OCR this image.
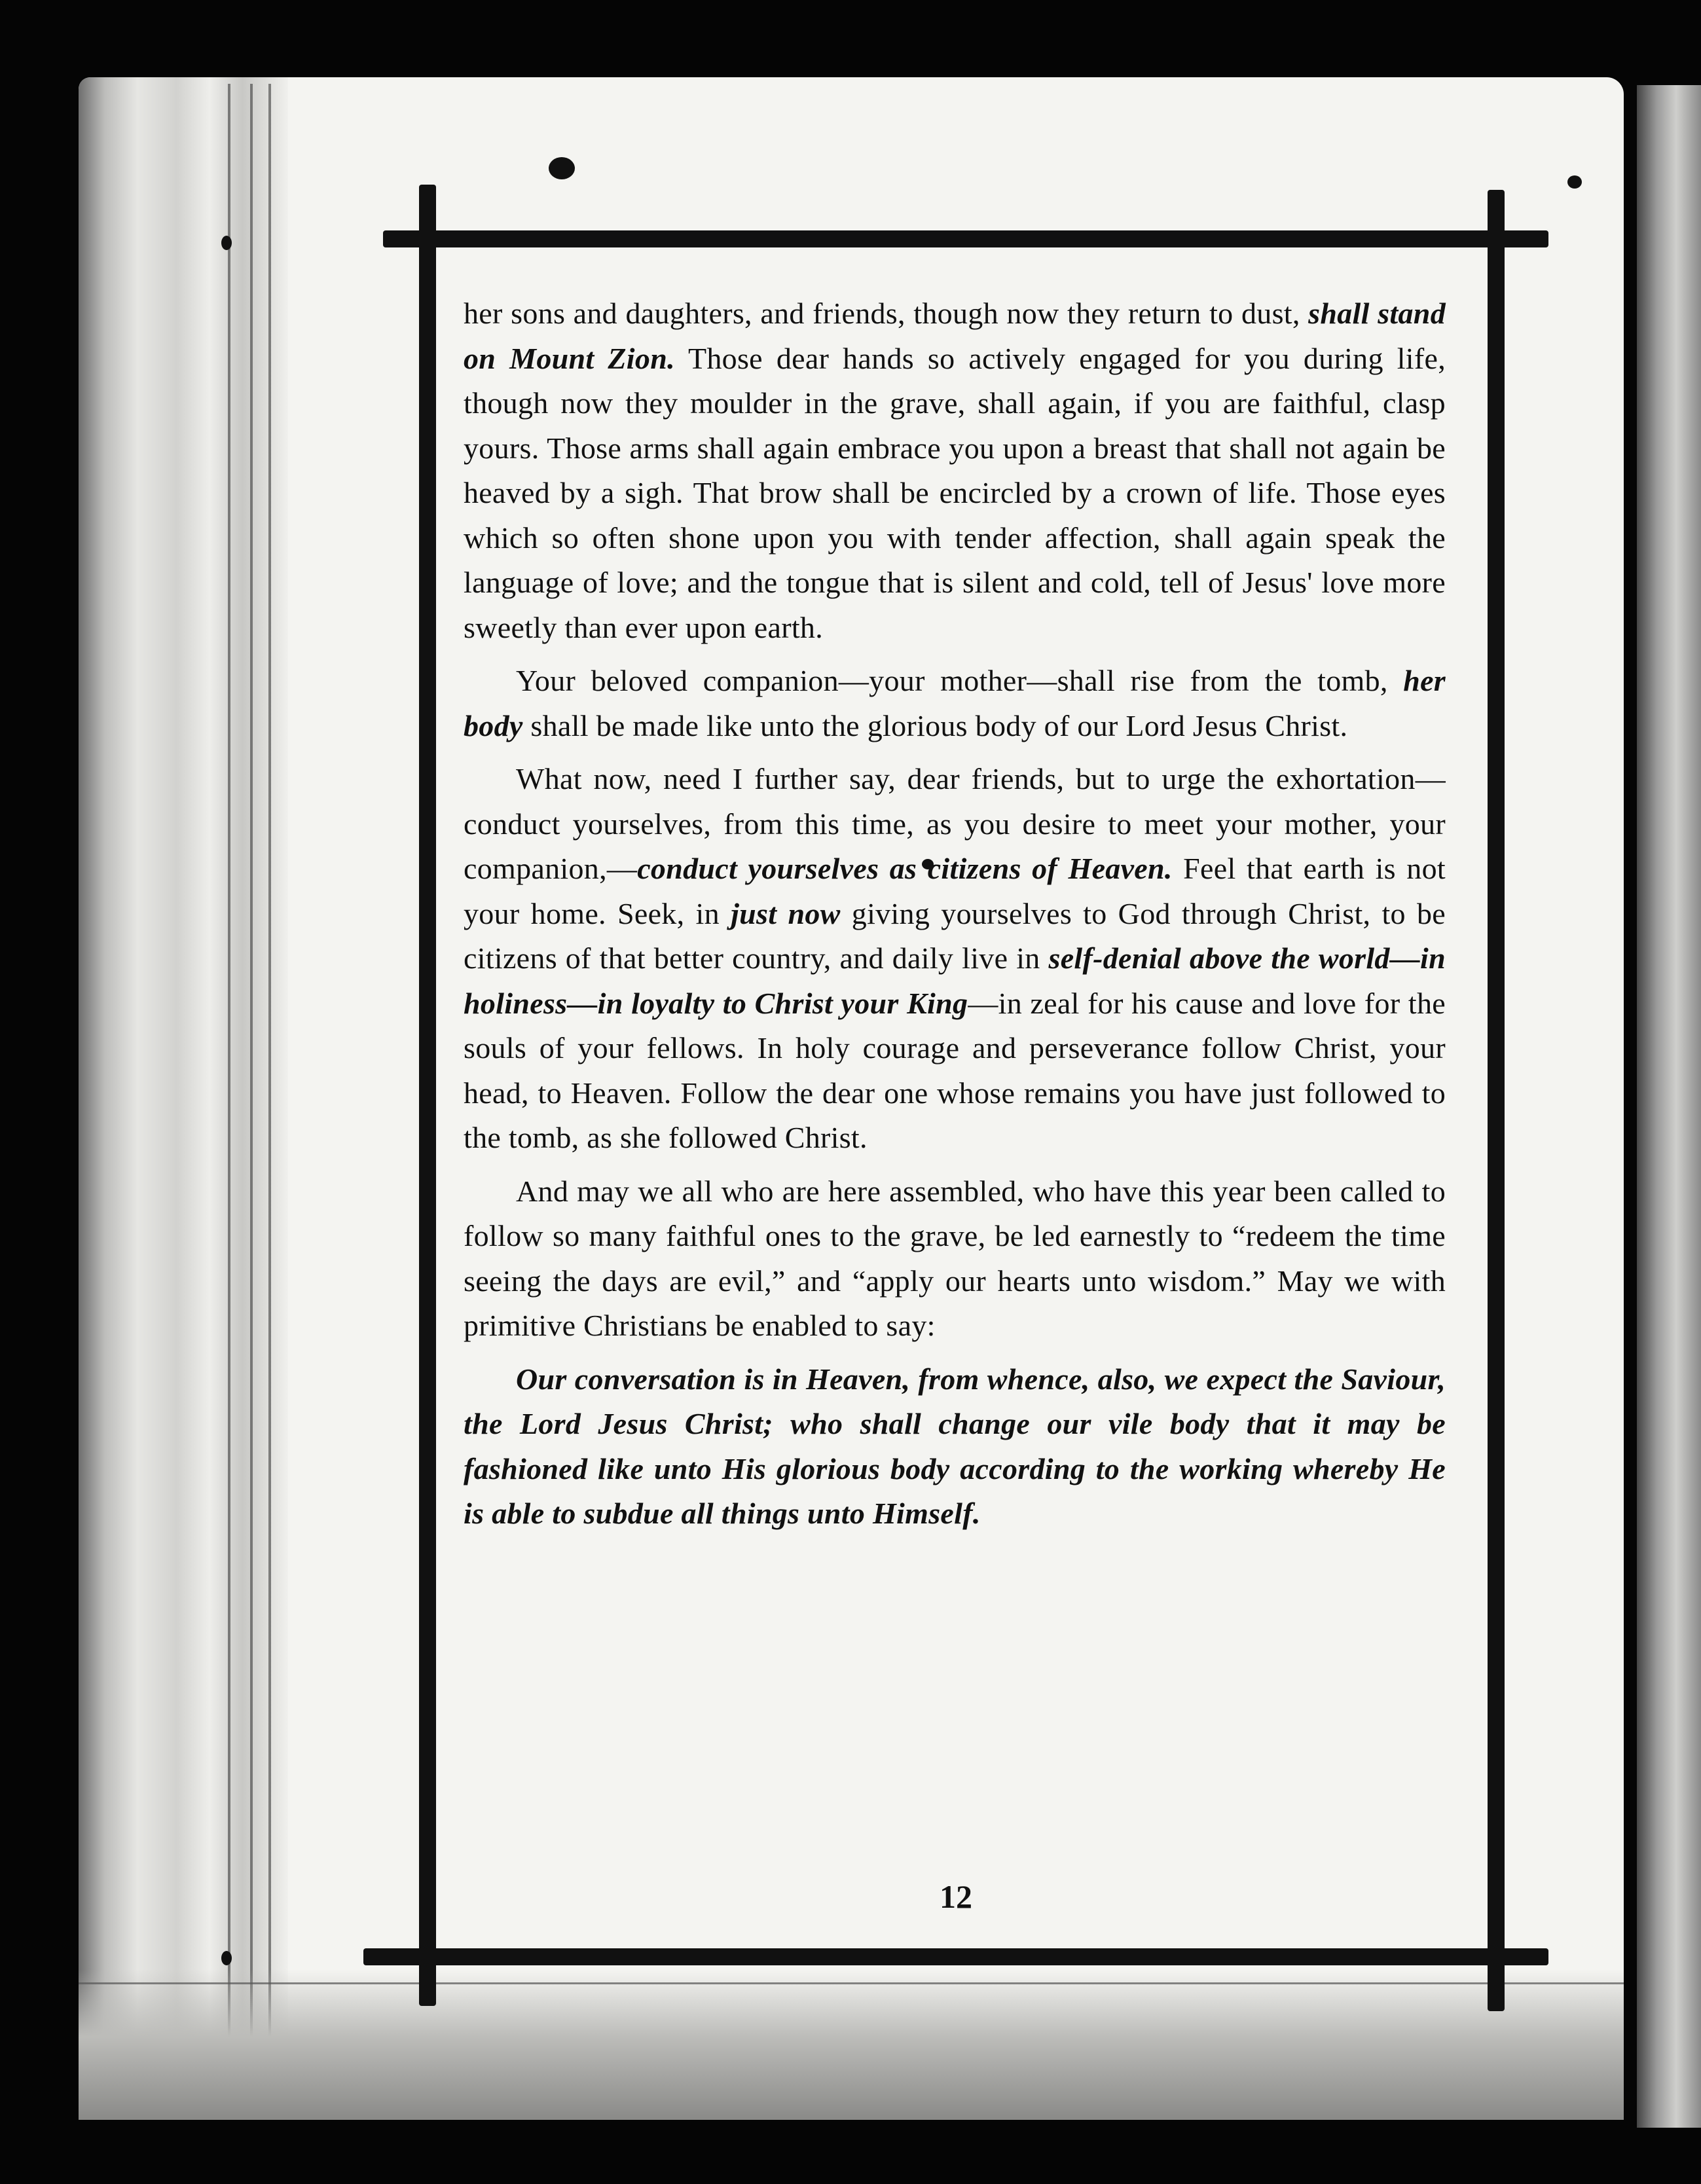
her sons and daughters, and friends, though now they return to dust, shall stand on Mount Zion. Those dear hands so actively engaged for you during life, though now they moulder in the grave, shall again, if you are faithful, clasp yours. Those arms shall again embrace you upon a breast that shall not again be heaved by a sigh. That brow shall be encircled by a crown of life. Those eyes which so often shone upon you with tender affection, shall again speak the language of love; and the tongue that is silent and cold, tell of Jesus' love more sweetly than ever upon earth.

Your beloved companion—your mother—shall rise from the tomb, her body shall be made like unto the glorious body of our Lord Jesus Christ.

What now, need I further say, dear friends, but to urge the exhortation—conduct yourselves, from this time, as you desire to meet your mother, your companion,—conduct yourselves as citizens of Heaven. Feel that earth is not your home. Seek, in just now giving yourselves to God through Christ, to be citizens of that better country, and daily live in self-denial above the world—in holiness—in loyalty to Christ your King—in zeal for his cause and love for the souls of your fellows. In holy courage and perseverance follow Christ, your head, to Heaven. Follow the dear one whose remains you have just followed to the tomb, as she followed Christ.

And may we all who are here assembled, who have this year been called to follow so many faithful ones to the grave, be led earnestly to “redeem the time seeing the days are evil,” and “apply our hearts unto wisdom.” May we with primitive Christians be enabled to say:

Our conversation is in Heaven, from whence, also, we expect the Saviour, the Lord Jesus Christ; who shall change our vile body that it may be fashioned like unto His glorious body according to the working whereby He is able to subdue all things unto Himself.

12
